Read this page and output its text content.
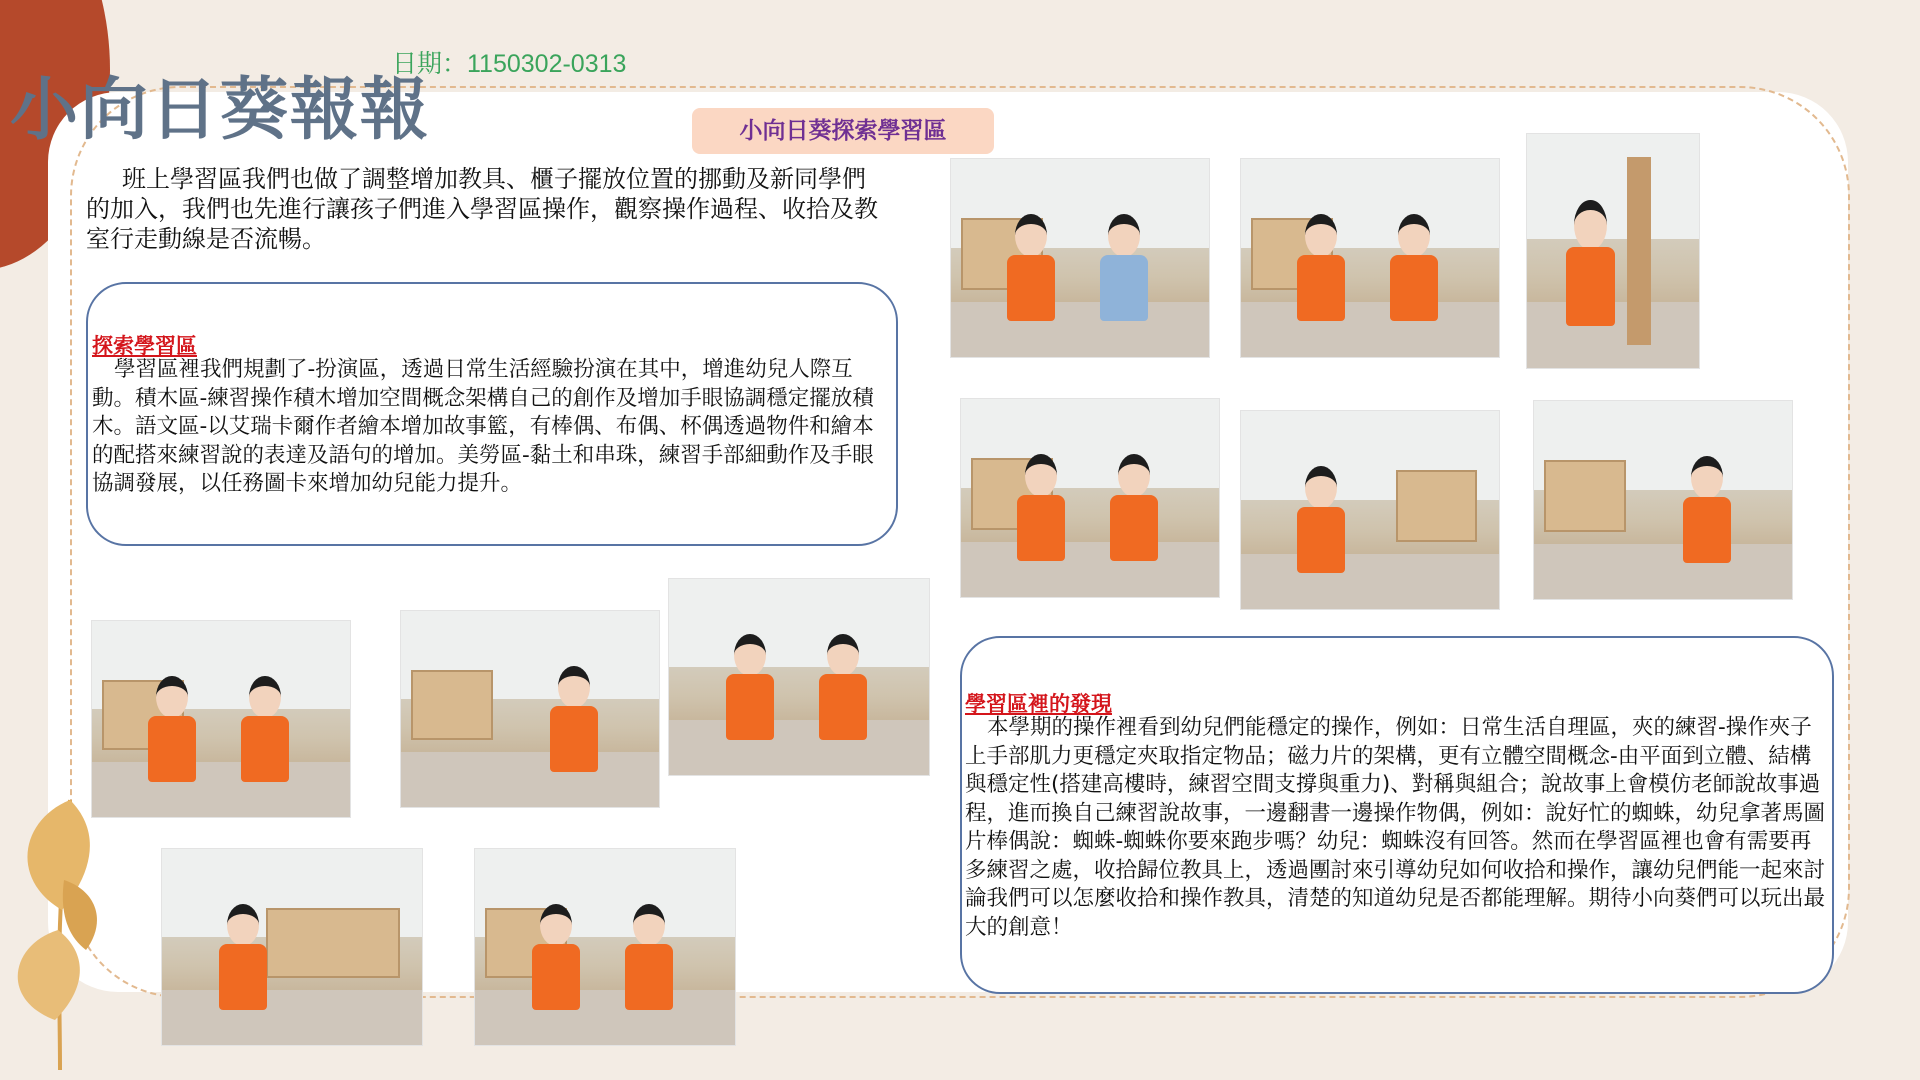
小向日葵報報
日期：1150302-0313
小向日葵探索學習區

班上學習區我們也做了調整增加教具、櫃子擺放位置的挪動及新同學們的加入，我們也先進行讓孩子們進入學習區操作，觀察操作過程、收拾及教室行走動線是否流暢。

探索學習區

學習區裡我們規劃了-扮演區，透過日常生活經驗扮演在其中，增進幼兒人際互動。積木區-練習操作積木增加空間概念架構自己的創作及增加手眼協調穩定擺放積木。語文區-以艾瑞卡爾作者繪本增加故事籃，有棒偶、布偶、杯偶透過物件和繪本的配搭來練習說的表達及語句的增加。美勞區-黏土和串珠，練習手部細動作及手眼協調發展，以任務圖卡來增加幼兒能力提升。

學習區裡的發現

本學期的操作裡看到幼兒們能穩定的操作，例如：日常生活自理區，夾的練習-操作夾子上手部肌力更穩定夾取指定物品；磁力片的架構，更有立體空間概念-由平面到立體、結構與穩定性(搭建高樓時，練習空間支撐與重力)、對稱與組合；說故事上會模仿老師說故事過程，進而換自己練習說故事，一邊翻書一邊操作物偶，例如：說好忙的蜘蛛，幼兒拿著馬圖片棒偶說：蜘蛛-蜘蛛你要來跑步嗎？幼兒：蜘蛛沒有回答。然而在學習區裡也會有需要再多練習之處，收拾歸位教具上，透過團討來引導幼兒如何收拾和操作，讓幼兒們能一起來討論我們可以怎麼收拾和操作教具，清楚的知道幼兒是否都能理解。期待小向葵們可以玩出最大的創意！
